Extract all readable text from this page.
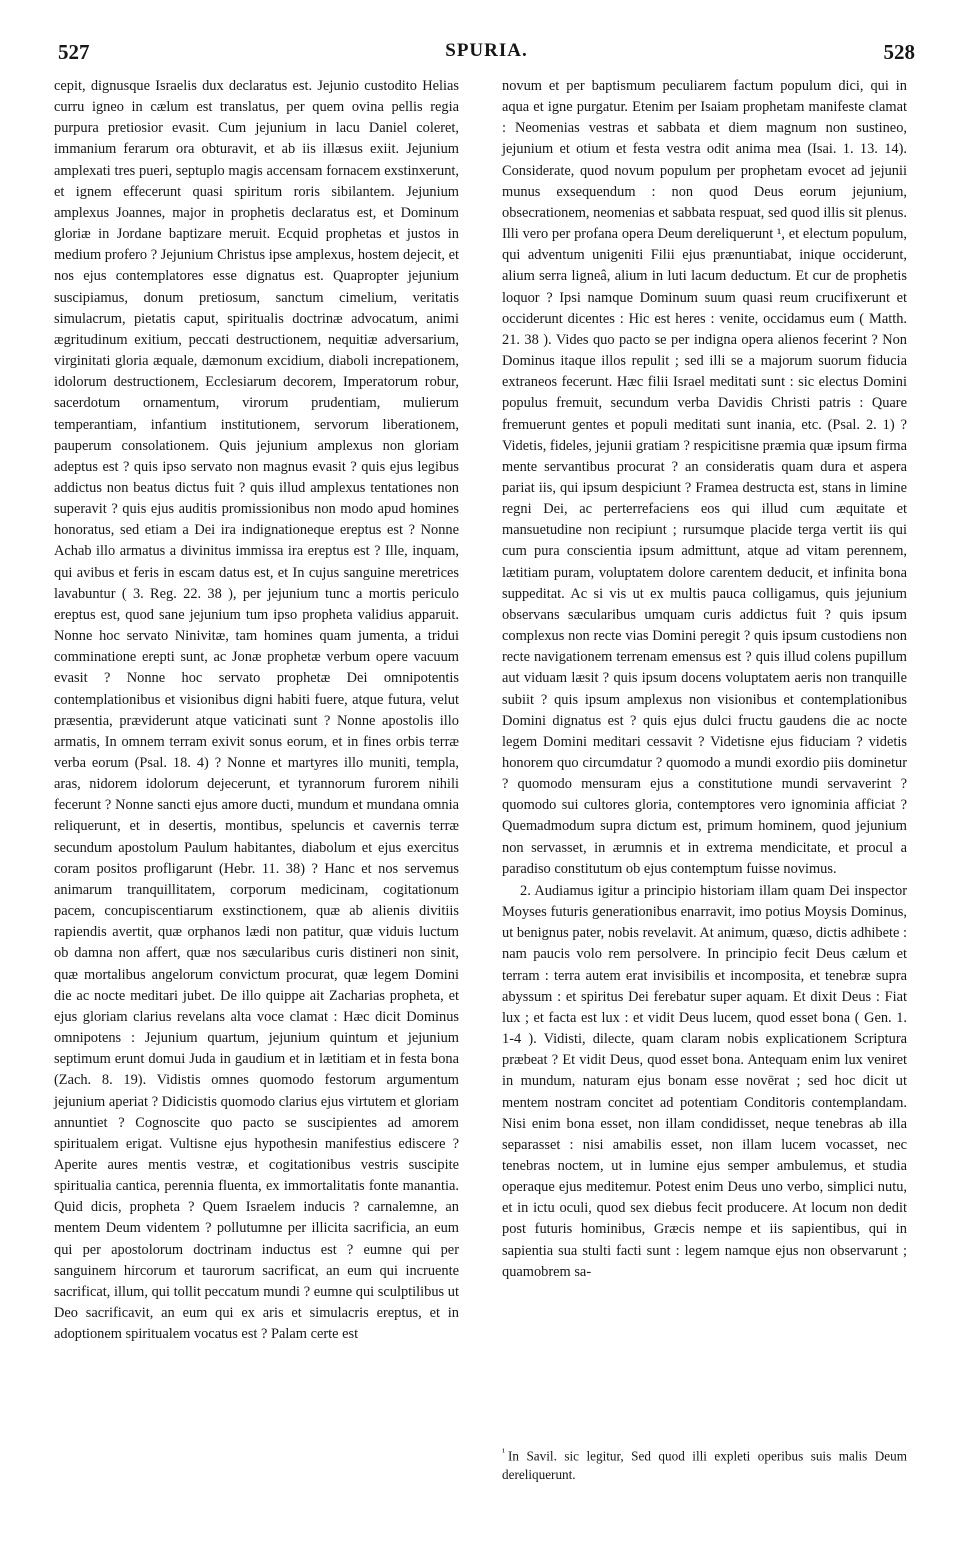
527	SPURIA.	528

cepit, dignusque Israelis dux declaratus est. Jejunio custodito Helias curru igneo in cælum est translatus, per quem ovina pellis regia purpura pretiosior evasit. Cum jejunium in lacu Daniel coleret, immanium ferarum ora obturavit, et ab iis illæsus exiit. Jejunium amplexati tres pueri, septuplo magis accensam fornacem exstinxerunt, et ignem effecerunt quasi spiritum roris sibilantem. Jejunium amplexus Joannes, major in prophetis declaratus est, et Dominum gloriæ in Jordane baptizare meruit. Ecquid prophetas et justos in medium profero ? Jejunium Christus ipse amplexus, hostem dejecit, et nos ejus contemplatores esse dignatus est. Quapropter jejunium suscipiamus, donum pretiosum, sanctum cimelium, veritatis simulacrum, pietatis caput, spiritualis doctrinæ advocatum, animi ægritudinum exitium, peccati destructionem, nequitiæ adversarium, virginitati gloria æquale, dæmonum excidium, diaboli increpationem, idolorum destructionem, Ecclesiarum decorem, Imperatorum robur, sacerdotum ornamentum, virorum prudentiam, mulierum temperantiam, infantium institutionem, servorum liberationem, pauperum consolationem. Quis jejunium amplexus non gloriam adeptus est ? quis ipso servato non magnus evasit ? quis ejus legibus addictus non beatus dictus fuit ? quis illud amplexus tentationes non superavit ? quis ejus auditis promissionibus non modo apud homines honoratus, sed etiam a Dei ira indignationeque ereptus est ? Nonne Achab illo armatus a divinitus immissa ira ereptus est ? Ille, inquam, qui avibus et feris in escam datus est, et In cujus sanguine meretrices lavabuntur ( 3. Reg. 22. 38 ), per jejunium tunc a mortis periculo ereptus est, quod sane jejunium tum ipso propheta validius apparuit. Nonne hoc servato Ninivitæ, tam homines quam jumenta, a tridui comminatione erepti sunt, ac Jonæ prophetæ verbum opere vacuum evasit ? Nonne hoc servato prophetæ Dei omnipotentis contemplationibus et visionibus digni habiti fuere, atque futura, velut præsentia, præviderunt atque vaticinati sunt ? Nonne apostolis illo armatis, In omnem terram exivit sonus eorum, et in fines orbis terræ verba eorum (Psal. 18. 4) ? Nonne et martyres illo muniti, templa, aras, nidorem idolorum dejecerunt, et tyrannorum furorem nihili fecerunt ? Nonne sancti ejus amore ducti, mundum et mundana omnia reliquerunt, et in desertis, montibus, speluncis et cavernis terræ secundum apostolum Paulum habitantes, diabolum et ejus exercitus coram positos profligarunt (Hebr. 11. 38) ? Hanc et nos servemus animarum tranquillitatem, corporum medicinam, cogitationum pacem, concupiscentiarum exstinctionem, quæ ab alienis divitiis rapiendis avertit, quæ orphanos lædi non patitur, quæ viduis luctum ob damna non affert, quæ nos sæcularibus curis distineri non sinit, quæ mortalibus angelorum convictum procurat, quæ legem Domini die ac nocte meditari jubet. De illo quippe ait Zacharias propheta, et ejus gloriam clarius revelans alta voce clamat : Hæc dicit Dominus omnipotens : Jejunium quartum, jejunium quintum et jejunium septimum erunt domui Juda in gaudium et in lætitiam et in festa bona (Zach. 8. 19). Vidistis omnes quomodo festorum argumentum jejunium aperiat ? Didicistis quomodo clarius ejus virtutem et gloriam annuntiet ? Cognoscite quo pacto se suscipientes ad amorem spiritualem erigat. Vultisne ejus hypothesin manifestius ediscere ? Aperite aures mentis vestræ, et cogitationibus vestris suscipite spiritualia cantica, perennia fluenta, ex immortalitatis fonte manantia. Quid dicis, propheta ? Quem Israelem inducis ? carnalemne, an mentem Deum videntem ? pollutumne per illicita sacrificia, an eum qui per apostolorum doctrinam inductus est ? eumne qui per sanguinem hircorum et taurorum sacrificat, an eum qui incruente sacrificat, illum, qui tollit peccatum mundi ? eumne qui sculptilibus ut Deo sacrificavit, an eum qui ex aris et simulacris ereptus, et in adoptionem spiritualem vocatus est ? Palam certe est

novum et per baptismum peculiarem factum populum dici, qui in aqua et igne purgatur. Etenim per Isaiam prophetam manifeste clamat : Neomenias vestras et sabbata et diem magnum non sustineo, jejunium et otium et festa vestra odit anima mea (Isai. 1. 13. 14). Considerate, quod novum populum per prophetam evocet ad jejunii munus exsequendum : non quod Deus eorum jejunium, obsecrationem, neomenias et sabbata respuat, sed quod illis sit plenus. Illi vero per profana opera Deum dereliquerunt ¹, et electum populum, qui adventum unigeniti Filii ejus prænuntiabat, inique occiderunt, alium serra ligneâ, alium in luti lacum deductum. Et cur de prophetis loquor ? Ipsi namque Dominum suum quasi reum crucifixerunt et occiderunt dicentes : Hic est heres : venite, occidamus eum ( Matth. 21. 38 ). Vides quo pacto se per indigna opera alienos fecerint ? Non Dominus itaque illos repulit ; sed illi se a majorum suorum fiducia extraneos fecerunt. Hæc filii Israel meditati sunt : sic electus Domini populus fremuit, secundum verba Davidis Christi patris : Quare fremuerunt gentes et populi meditati sunt inania, etc. (Psal. 2. 1) ? Videtis, fideles, jejunii gratiam ? respicitisne præmia quæ ipsum firma mente servantibus procurat ? an consideratis quam dura et aspera pariat iis, qui ipsum despiciunt ? Framea destructa est, stans in limine regni Dei, ac perterrefaciens eos qui illud cum æquitate et mansuetudine non recipiunt ; rursumque placide terga vertit iis qui cum pura conscientia ipsum admittunt, atque ad vitam perennem, lætitiam puram, voluptatem dolore carentem deducit, et infinita bona suppeditat. Ac si vis ut ex multis pauca colligamus, quis jejunium observans sæcularibus umquam curis addictus fuit ? quis ipsum complexus non recte vias Domini peregit ? quis ipsum custodiens non recte navigationem terrenam emensus est ? quis illud colens pupillum aut viduam læsit ? quis ipsum docens voluptatem aeris non tranquille subiit ? quis ipsum amplexus non visionibus et contemplationibus Domini dignatus est ? quis ejus dulci fructu gaudens die ac nocte legem Domini meditari cessavit ? Videtisne ejus fiduciam ? videtis honorem quo circumdatur ? quomodo a mundi exordio piis dominetur ? quomodo mensuram ejus a constitutione mundi servaverint ? quomodo sui cultores gloria, contemptores vero ignominia afficiat ? Quemadmodum supra dictum est, primum hominem, quod jejunium non servasset, in ærumnis et in extrema mendicitate, et procul a paradiso constitutum ob ejus contemptum fuisse novimus.

2. Audiamus igitur a principio historiam illam quam Dei inspector Moyses futuris generationibus enarravit, imo potius Moysis Dominus, ut benignus pater, nobis revelavit. At animum, quæso, dictis adhibete : nam paucis volo rem persolvere. In principio fecit Deus cælum et terram : terra autem erat invisibilis et incomposita, et tenebræ supra abyssum : et spiritus Dei ferebatur super aquam. Et dixit Deus : Fiat lux ; et facta est lux : et vidit Deus lucem, quod esset bona ( Gen. 1. 1-4 ). Vidisti, dilecte, quam claram nobis explicationem Scriptura præbeat ? Et vidit Deus, quod esset bona. Antequam enim lux veniret in mundum, naturam ejus bonam esse novērat ; sed hoc dicit ut mentem nostram concitet ad potentiam Conditoris contemplandam. Nisi enim bona esset, non illam condidisset, neque tenebras ab illa separasset : nisi amabilis esset, non illam lucem vocasset, nec tenebras noctem, ut in lumine ejus semper ambulemus, et studia operaque ejus meditemur. Potest enim Deus uno verbo, simplici nutu, et in ictu oculi, quod sex diebus fecit producere. At locum non dedit post futuris hominibus, Græcis nempe et iis sapientibus, qui in sapientia sua stulti facti sunt : legem namque ejus non observarunt ; quamobrem sa-

$^{^1}$ In Savil. sic legitur, Sed quod illi expleti operibus suis malis Deum dereliquerunt.
